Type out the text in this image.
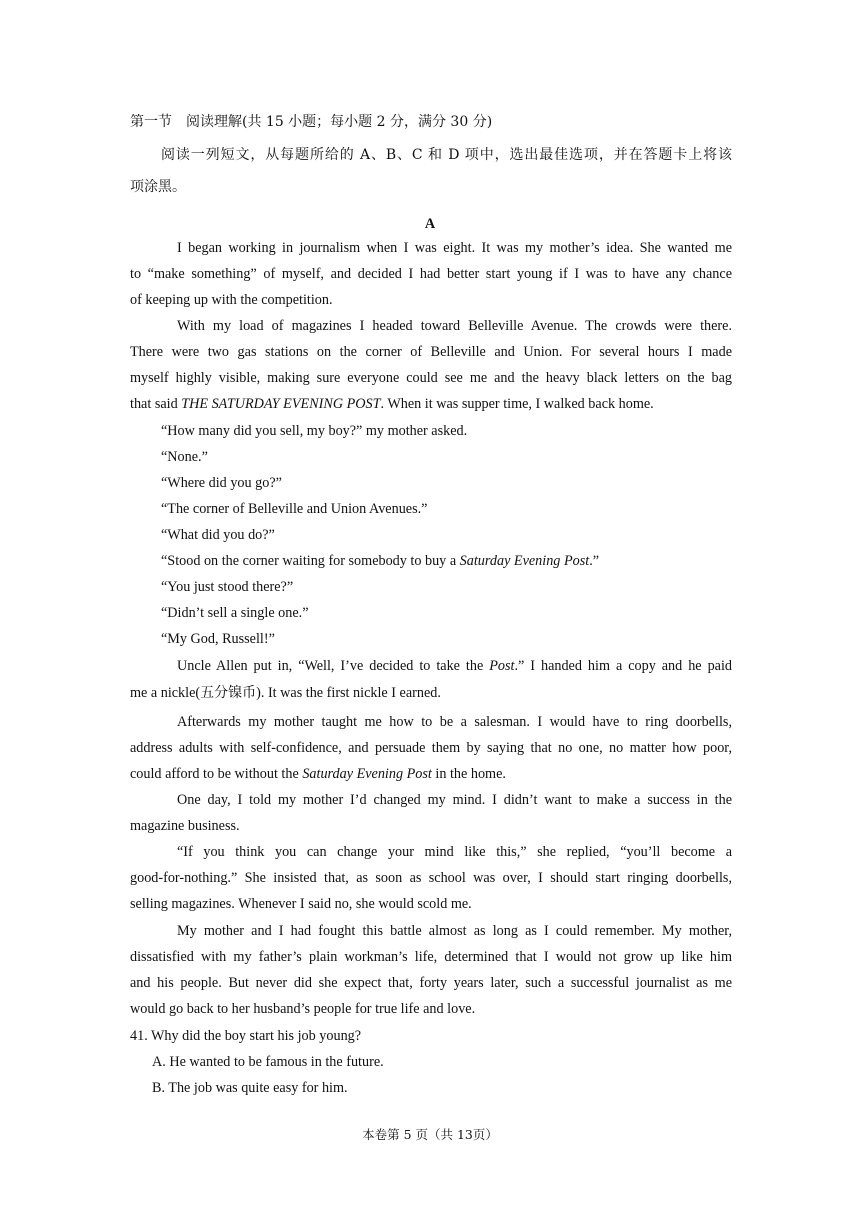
第一节　阅读理解(共 15 小题；每小题 2 分，满分 30 分)
阅读一列短文，从每题所给的 A、B、C 和 D 项中，选出最佳选项，并在答题卡上将该
项涂黑。
A
I began working in journalism when I was eight. It was my mother’s idea. She wanted me
to “make something” of myself, and decided I had better start young if I was to have any chance
of keeping up with the competition.
With my load of magazines I headed toward Belleville Avenue. The crowds were there.
There were two gas stations on the corner of Belleville and Union. For several hours I made
myself highly visible, making sure everyone could see me and the heavy black letters on the bag
that said THE SATURDAY EVENING POST. When it was supper time, I walked back home.
“How many did you sell, my boy?” my mother asked.
“None.”
“Where did you go?”
“The corner of Belleville and Union Avenues.”
“What did you do?”
“Stood on the corner waiting for somebody to buy a Saturday Evening Post.”
“You just stood there?”
“Didn’t sell a single one.”
“My God, Russell!”
Uncle Allen put in, “Well, I’ve decided to take the Post.” I handed him a copy and he paid
me a nickle(五分镍币). It was the first nickle I earned.
Afterwards my mother taught me how to be a salesman. I would have to ring doorbells,
address adults with self-confidence, and persuade them by saying that no one, no matter how poor,
could afford to be without the Saturday Evening Post in the home.
One day, I told my mother I’d changed my mind. I didn’t want to make a success in the
magazine business.
“If you think you can change your mind like this,” she replied, “you’ll become a
good-for-nothing.” She insisted that, as soon as school was over, I should start ringing doorbells,
selling magazines. Whenever I said no, she would scold me.
My mother and I had fought this battle almost as long as I could remember. My mother,
dissatisfied with my father’s plain workman’s life, determined that I would not grow up like him
and his people. But never did she expect that, forty years later, such a successful journalist as me
would go back to her husband’s people for true life and love.
41. Why did the boy start his job young?
A. He wanted to be famous in the future.
B. The job was quite easy for him.
本卷第 5 页（共 13页）
